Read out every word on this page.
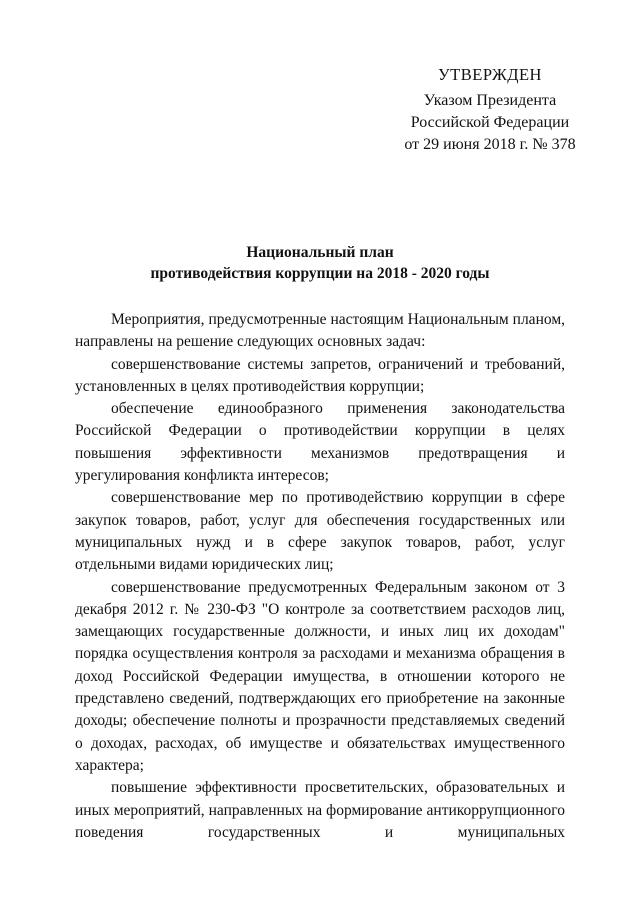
УТВЕРЖДЕН
Указом Президента
Российской Федерации
от 29 июня 2018 г. № 378
Национальный план
противодействия коррупции на 2018 - 2020 годы

Мероприятия, предусмотренные настоящим Национальным планом, направлены на решение следующих основных задач:

совершенствование системы запретов, ограничений и требований, установленных в целях противодействия коррупции;

обеспечение единообразного применения законодательства Российской Федерации о противодействии коррупции в целях повышения эффективности механизмов предотвращения и урегулирования конфликта интересов;

совершенствование мер по противодействию коррупции в сфере закупок товаров, работ, услуг для обеспечения государственных или муниципальных нужд и в сфере закупок товаров, работ, услуг отдельными видами юридических лиц;

совершенствование предусмотренных Федеральным законом от 3 декабря 2012 г. № 230-ФЗ "О контроле за соответствием расходов лиц, замещающих государственные должности, и иных лиц их доходам" порядка осуществления контроля за расходами и механизма обращения в доход Российской Федерации имущества, в отношении которого не представлено сведений, подтверждающих его приобретение на законные доходы; обеспечение полноты и прозрачности представляемых сведений о доходах, расходах, об имуществе и обязательствах имущественного характера;

повышение эффективности просветительских, образовательных и иных мероприятий, направленных на формирование антикоррупционного поведения государственных и муниципальных
